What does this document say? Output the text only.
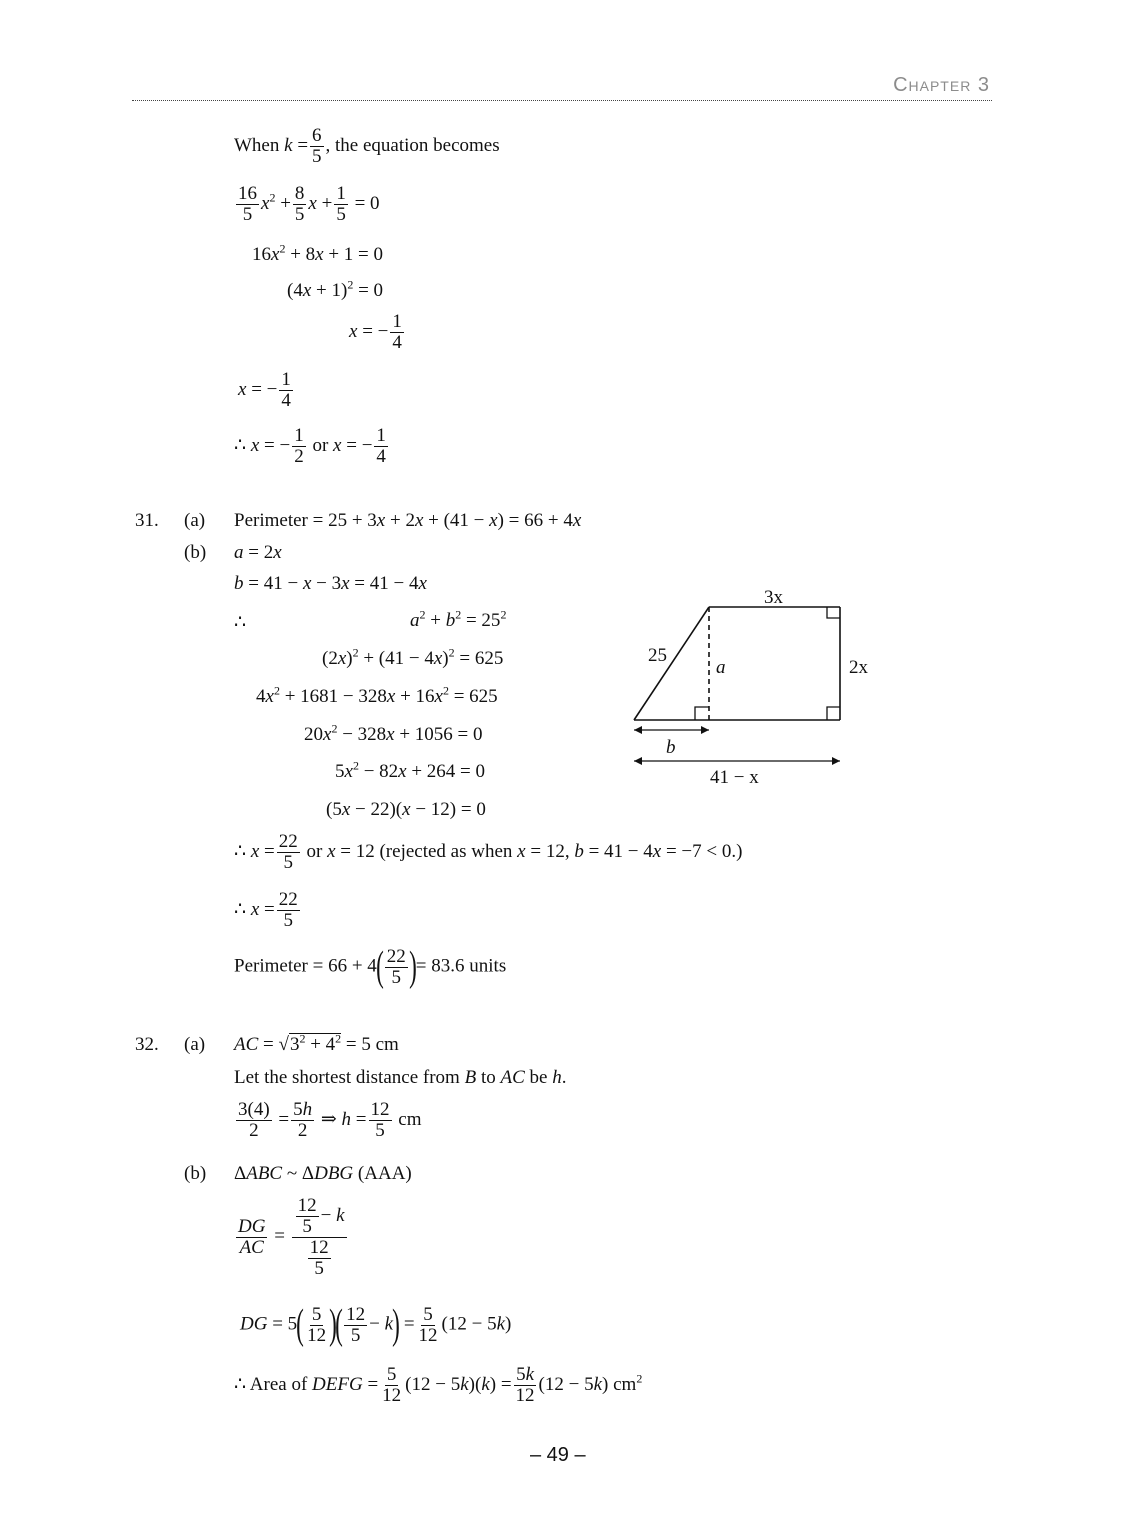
Chapter 3
When $k = \frac{6}{5}$ , the equation becomes
$\frac{16}{5} x^2 + \frac{8}{5}$ $x + \frac{1}{5} = 0$
$16x^2 + 8x + 1 = 0$
$(4x + 1)^2 = 0$
x = − $\frac{1}{4}$
x = − $\frac{1}{4}$
∴ x = − $\frac{1}{2}$ or x = − $\frac{1}{4}$
31. (a) Perimeter = 25 + 3x + 2x + (41 − x) = 66 + 4x
(b) a = 2x
b = 41 − x − 3x = 41 − 4x
∴	$a^2 + b^2 = 25^2$
$(2x)^2 + (41 - 4x)^2 = 625$
$4x^2 + 1681 - 328x + 16x^2 = 625$
$20x^2 - 328x + 1056 = 0$
$5x^2 - 82x + 264 = 0$
(5x − 22)(x − 12) = 0
∴ $x = \frac{22}{5}$ or x = 12 (rejected as when x = 12, b = 41 − 4x = −7 < 0.)
∴ $x = \frac{22}{5}$
Perimeter = $66 + 4( \frac{22}{5}$ )= 83.6 units
3x
25
a	2x
b
41 − x
32. (a) AC = $√3^2 + 4^2 = 5$ cm
Let the shortest distance from B to AC be h.
$\frac{3(4)}{2} = \frac{5h}{2}$ ⇒ $h = \frac{12}{5}$ cm
(b) ΔABC ~ ΔDBG (AAA)
$\frac{DG}{AC} = \frac{\frac{12}{5} - k}{\frac{12}{5}}$
DG = $5( \frac{5}{12}$ )( $\frac{12}{5} - k) = \frac{5}{12} (12 - 5k)$
∴ Area of DEFG = $\frac{5}{12} (12 - 5k)(k) = \frac{5k}{12} (12 - 5k)$ $cm^2$
– 49 –
